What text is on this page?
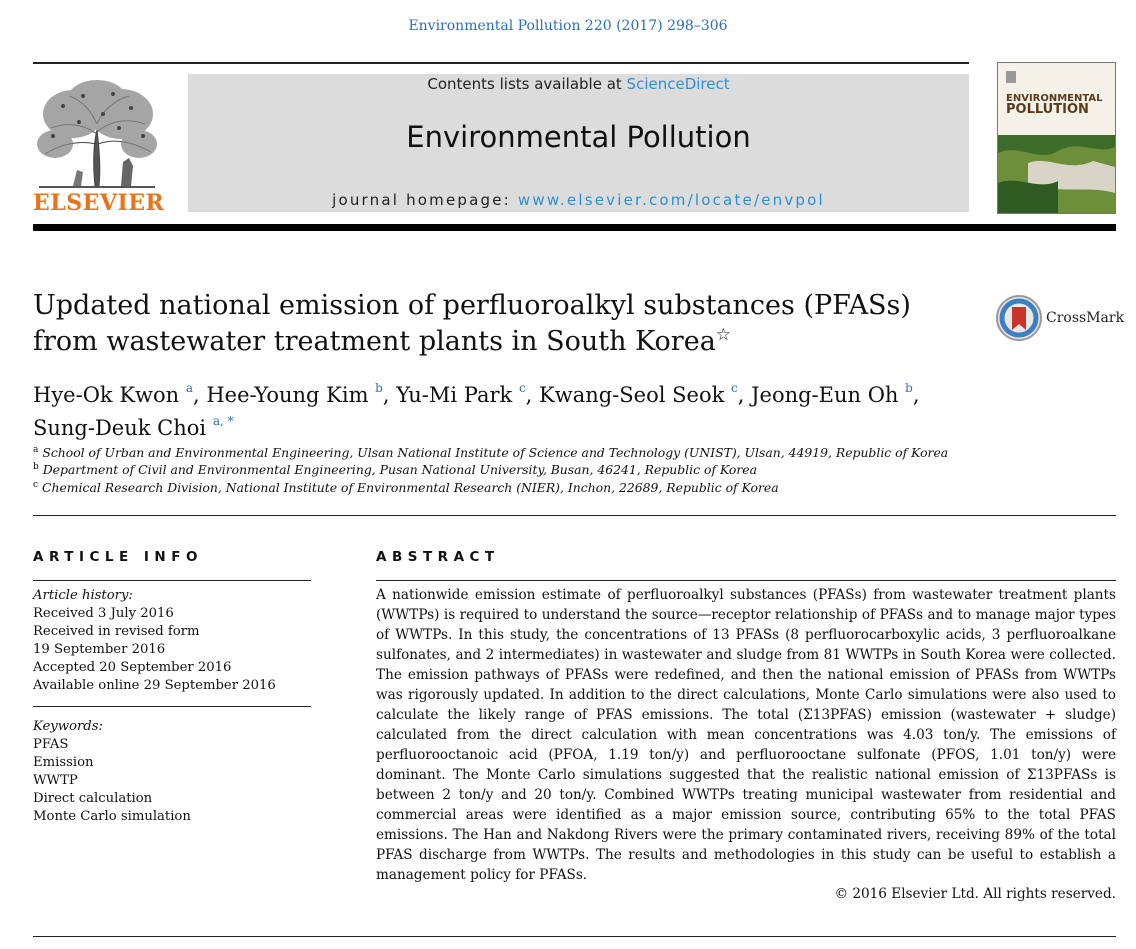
Environmental Pollution 220 (2017) 298–306
ELSEVIER
Contents lists available at ScienceDirect
Environmental Pollution
journal homepage: www.elsevier.com/locate/envpol
ENVIRONMENTAL
POLLUTION
Updated national emission of perfluoroalkyl substances (PFASs) from wastewater treatment plants in South Korea☆
CrossMark
Hye-Ok Kwon $^a$, Hee-Young Kim $^b$, Yu-Mi Park $^c$, Kwang-Seol Seok $^c$, Jeong-Eun Oh $^b$,
Sung-Deuk Choi $^{a, *}$
$^a$ School of Urban and Environmental Engineering, Ulsan National Institute of Science and Technology (UNIST), Ulsan, 44919, Republic of Korea
$^b$ Department of Civil and Environmental Engineering, Pusan National University, Busan, 46241, Republic of Korea
$^c$ Chemical Research Division, National Institute of Environmental Research (NIER), Inchon, 22689, Republic of Korea
ARTICLE INFO
Article history:
Received 3 July 2016
Received in revised form
19 September 2016
Accepted 20 September 2016
Available online 29 September 2016
Keywords:
PFAS
Emission
WWTP
Direct calculation
Monte Carlo simulation
ABSTRACT
A nationwide emission estimate of perfluoroalkyl substances (PFASs) from wastewater treatment plants (WWTPs) is required to understand the source—receptor relationship of PFASs and to manage major types of WWTPs. In this study, the concentrations of 13 PFASs (8 perfluorocarboxylic acids, 3 perfluoroalkane sulfonates, and 2 intermediates) in wastewater and sludge from 81 WWTPs in South Korea were collected. The emission pathways of PFASs were redefined, and then the national emission of PFASs from WWTPs was rigorously updated. In addition to the direct calculations, Monte Carlo simulations were also used to calculate the likely range of PFAS emissions. The total (Σ13PFAS) emission (wastewater + sludge) calculated from the direct calculation with mean concentrations was 4.03 ton/y. The emissions of perfluorooctanoic acid (PFOA, 1.19 ton/y) and perfluorooctane sulfonate (PFOS, 1.01 ton/y) were dominant. The Monte Carlo simulations suggested that the realistic national emission of Σ13PFASs is between 2 ton/y and 20 ton/y. Combined WWTPs treating municipal wastewater from residential and commercial areas were identified as a major emission source, contributing 65% to the total PFAS emissions. The Han and Nakdong Rivers were the primary contaminated rivers, receiving 89% of the total PFAS discharge from WWTPs. The results and methodologies in this study can be useful to establish a management policy for PFASs.
© 2016 Elsevier Ltd. All rights reserved.
